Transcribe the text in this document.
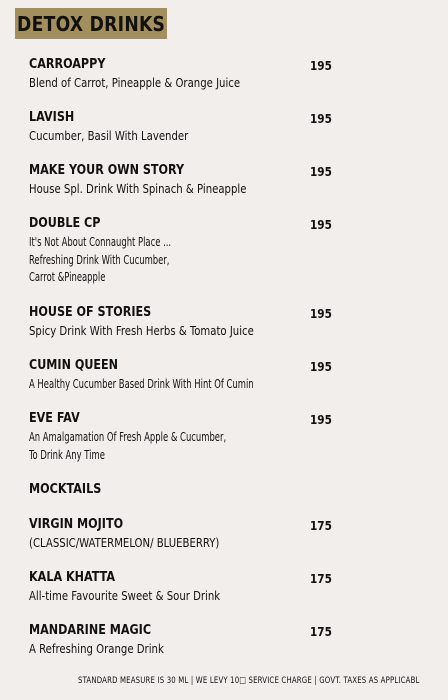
DETOX DRINKS
CARROAPPY	195
Blend of Carrot, Pineapple & Orange Juice
LAVISH	195
Cucumber, Basil With Lavender
MAKE YOUR OWN STORY	195
House Spl. Drink With Spinach & Pineapple
DOUBLE CP	195
It's Not About Connaught Place ...
Refreshing Drink With Cucumber,
Carrot &Pineapple
HOUSE OF STORIES	195
Spicy Drink With Fresh Herbs & Tomato Juice
CUMIN QUEEN	195
A Healthy Cucumber Based Drink With Hint Of Cumin
EVE FAV	195
An Amalgamation Of Fresh Apple & Cucumber,
To Drink Any Time
MOCKTAILS
VIRGIN MOJITO	175
(CLASSIC/WATERMELON/ BLUEBERRY)
KALA KHATTA	175
All-time Favourite Sweet & Sour Drink
MANDARINE MAGIC	175
A Refreshing Orange Drink
STANDARD MEASURE IS 30 ML | WE LEVY 10□ SERVICE CHARGE | GOVT. TAXES AS APPLICABL
